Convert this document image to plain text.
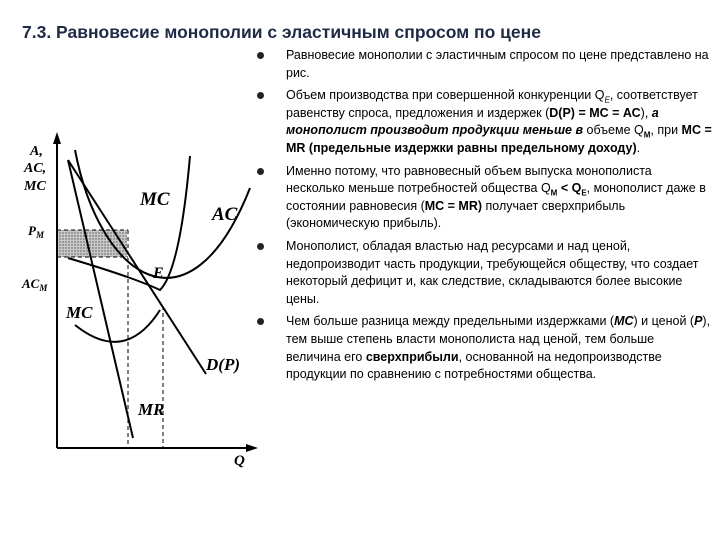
7.3. Равновесие монополии с эластичным спросом по цене
A,
AC,
MC
$P_M$
$AC_M$
MC
AC
E
MC
D(P)
MR
Q
Равновесие монополии с эластичным спросом по цене представлено на рис.
Объем производства при совершенной конкуренции $Q_E$, соответствует равенству спроса, предложения и издержек (D(P) = МС = АС), а монополист производит продукции меньше в объеме $Q_M$, при МС = MR (предельные издержки равны предельному доходу).
Именно потому, что равновесный объем выпуска монополиста несколько меньше потребностей общества $Q_M < Q_E$, монополист даже в состоянии равновесия (МС = MR) получает сверхприбыль (экономическую прибыль).
Монополист, обладая властью над ресурсами и над ценой, недопроизводит часть продукции, требующейся обществу, что создает некоторый дефицит и, как следствие, складываются более высокие цены.
Чем больше разница между предельными издержками (МС) и ценой (Р), тем выше степень власти монополиста над ценой, тем больше величина его сверхприбыли, основанной на недопроизводстве продукции по сравнению с потребностями общества.
